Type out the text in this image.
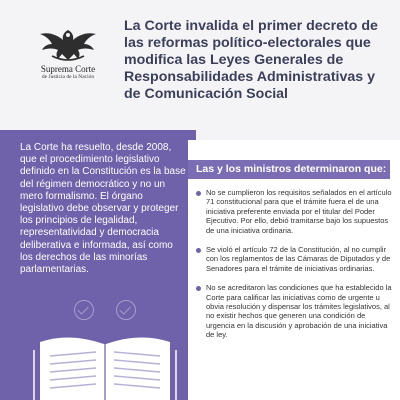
Suprema Corte
de Justicia de la Nación
La Corte invalida el primer decreto de las reformas político-electorales que modifica las Leyes Generales de Responsabilidades Administrativas y de Comunicación Social
La Corte ha resuelto, desde 2008, que el procedimiento legislativo definido en la Constitución es la base del régimen democrático y no un mero formalismo. El órgano legislativo debe observar y proteger los principios de legalidad, representatividad y democracia deliberativa e informada, así como los derechos de las minorías parlamentarias.
Las y los ministros determinaron que:
No se cumplieron los requisitos señalados en el artículo 71 constitucional para que el trámite fuera el de una iniciativa preferente enviada por el titular del Poder Ejecutivo. Por ello, debió tramitarse bajo los supuestos de una iniciativa ordinaria.
Se violó el artículo 72 de la Constitución, al no cumplir con los reglamentos de las Cámaras de Diputados y de Senadores para el trámite de iniciativas ordinarias.
No se acreditaron las condiciones que ha establecido la Corte para calificar las iniciativas como de urgente u obvia resolución y dispensar los trámites legislativos, al no existir hechos que generen una condición de urgencia en la discusión y aprobación de una iniciativa de ley.
